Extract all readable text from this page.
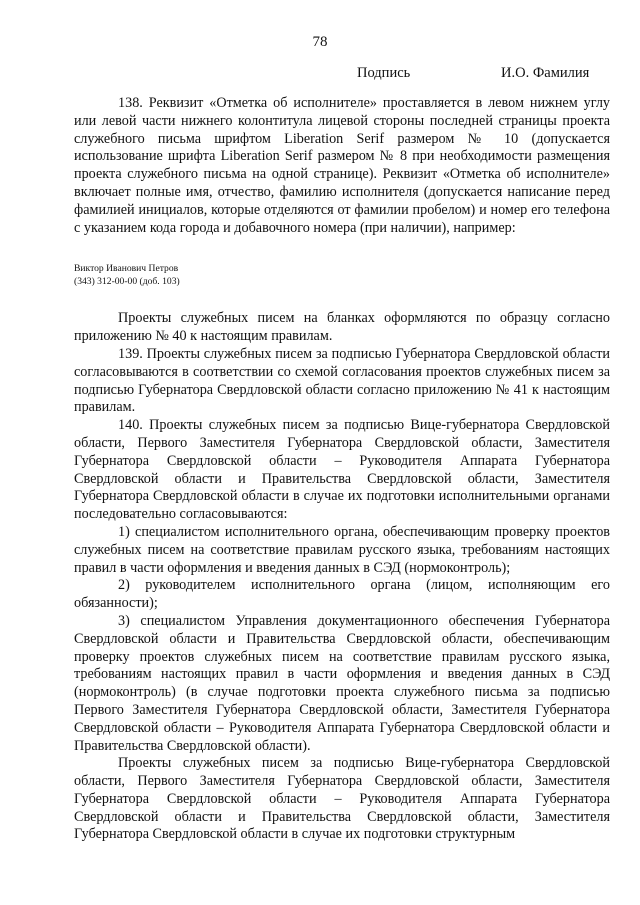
78
Подпись	И.О. Фамилия

138. Реквизит «Отметка об исполнителе» проставляется в левом нижнем углу или левой части нижнего колонтитула лицевой стороны последней страницы проекта служебного письма шрифтом Liberation Serif размером № 10 (допускается использование шрифта Liberation Serif размером № 8 при необходимости размещения проекта служебного письма на одной странице). Реквизит «Отметка об исполнителе» включает полные имя, отчество, фамилию исполнителя (допускается написание перед фамилией инициалов, которые отделяются от фамилии пробелом) и номер его телефона с указанием кода города и добавочного номера (при наличии), например:

Виктор Иванович Петров
(343) 312-00-00 (доб. 103)

Проекты служебных писем на бланках оформляются по образцу согласно приложению № 40 к настоящим правилам.

139. Проекты служебных писем за подписью Губернатора Свердловской области согласовываются в соответствии со схемой согласования проектов служебных писем за подписью Губернатора Свердловской области согласно приложению № 41 к настоящим правилам.

140. Проекты служебных писем за подписью Вице-губернатора Свердловской области, Первого Заместителя Губернатора Свердловской области, Заместителя Губернатора Свердловской области – Руководителя Аппарата Губернатора Свердловской области и Правительства Свердловской области, Заместителя Губернатора Свердловской области в случае их подготовки исполнительными органами последовательно согласовываются:

1) специалистом исполнительного органа, обеспечивающим проверку проектов служебных писем на соответствие правилам русского языка, требованиям настоящих правил в части оформления и введения данных в СЭД (нормоконтроль);

2) руководителем исполнительного органа (лицом, исполняющим его обязанности);

3) специалистом Управления документационного обеспечения Губернатора Свердловской области и Правительства Свердловской области, обеспечивающим проверку проектов служебных писем на соответствие правилам русского языка, требованиям настоящих правил в части оформления и введения данных в СЭД (нормоконтроль) (в случае подготовки проекта служебного письма за подписью Первого Заместителя Губернатора Свердловской области, Заместителя Губернатора Свердловской области – Руководителя Аппарата Губернатора Свердловской области и Правительства Свердловской области).

Проекты служебных писем за подписью Вице-губернатора Свердловской области, Первого Заместителя Губернатора Свердловской области, Заместителя Губернатора Свердловской области – Руководителя Аппарата Губернатора Свердловской области и Правительства Свердловской области, Заместителя Губернатора Свердловской области в случае их подготовки структурным
